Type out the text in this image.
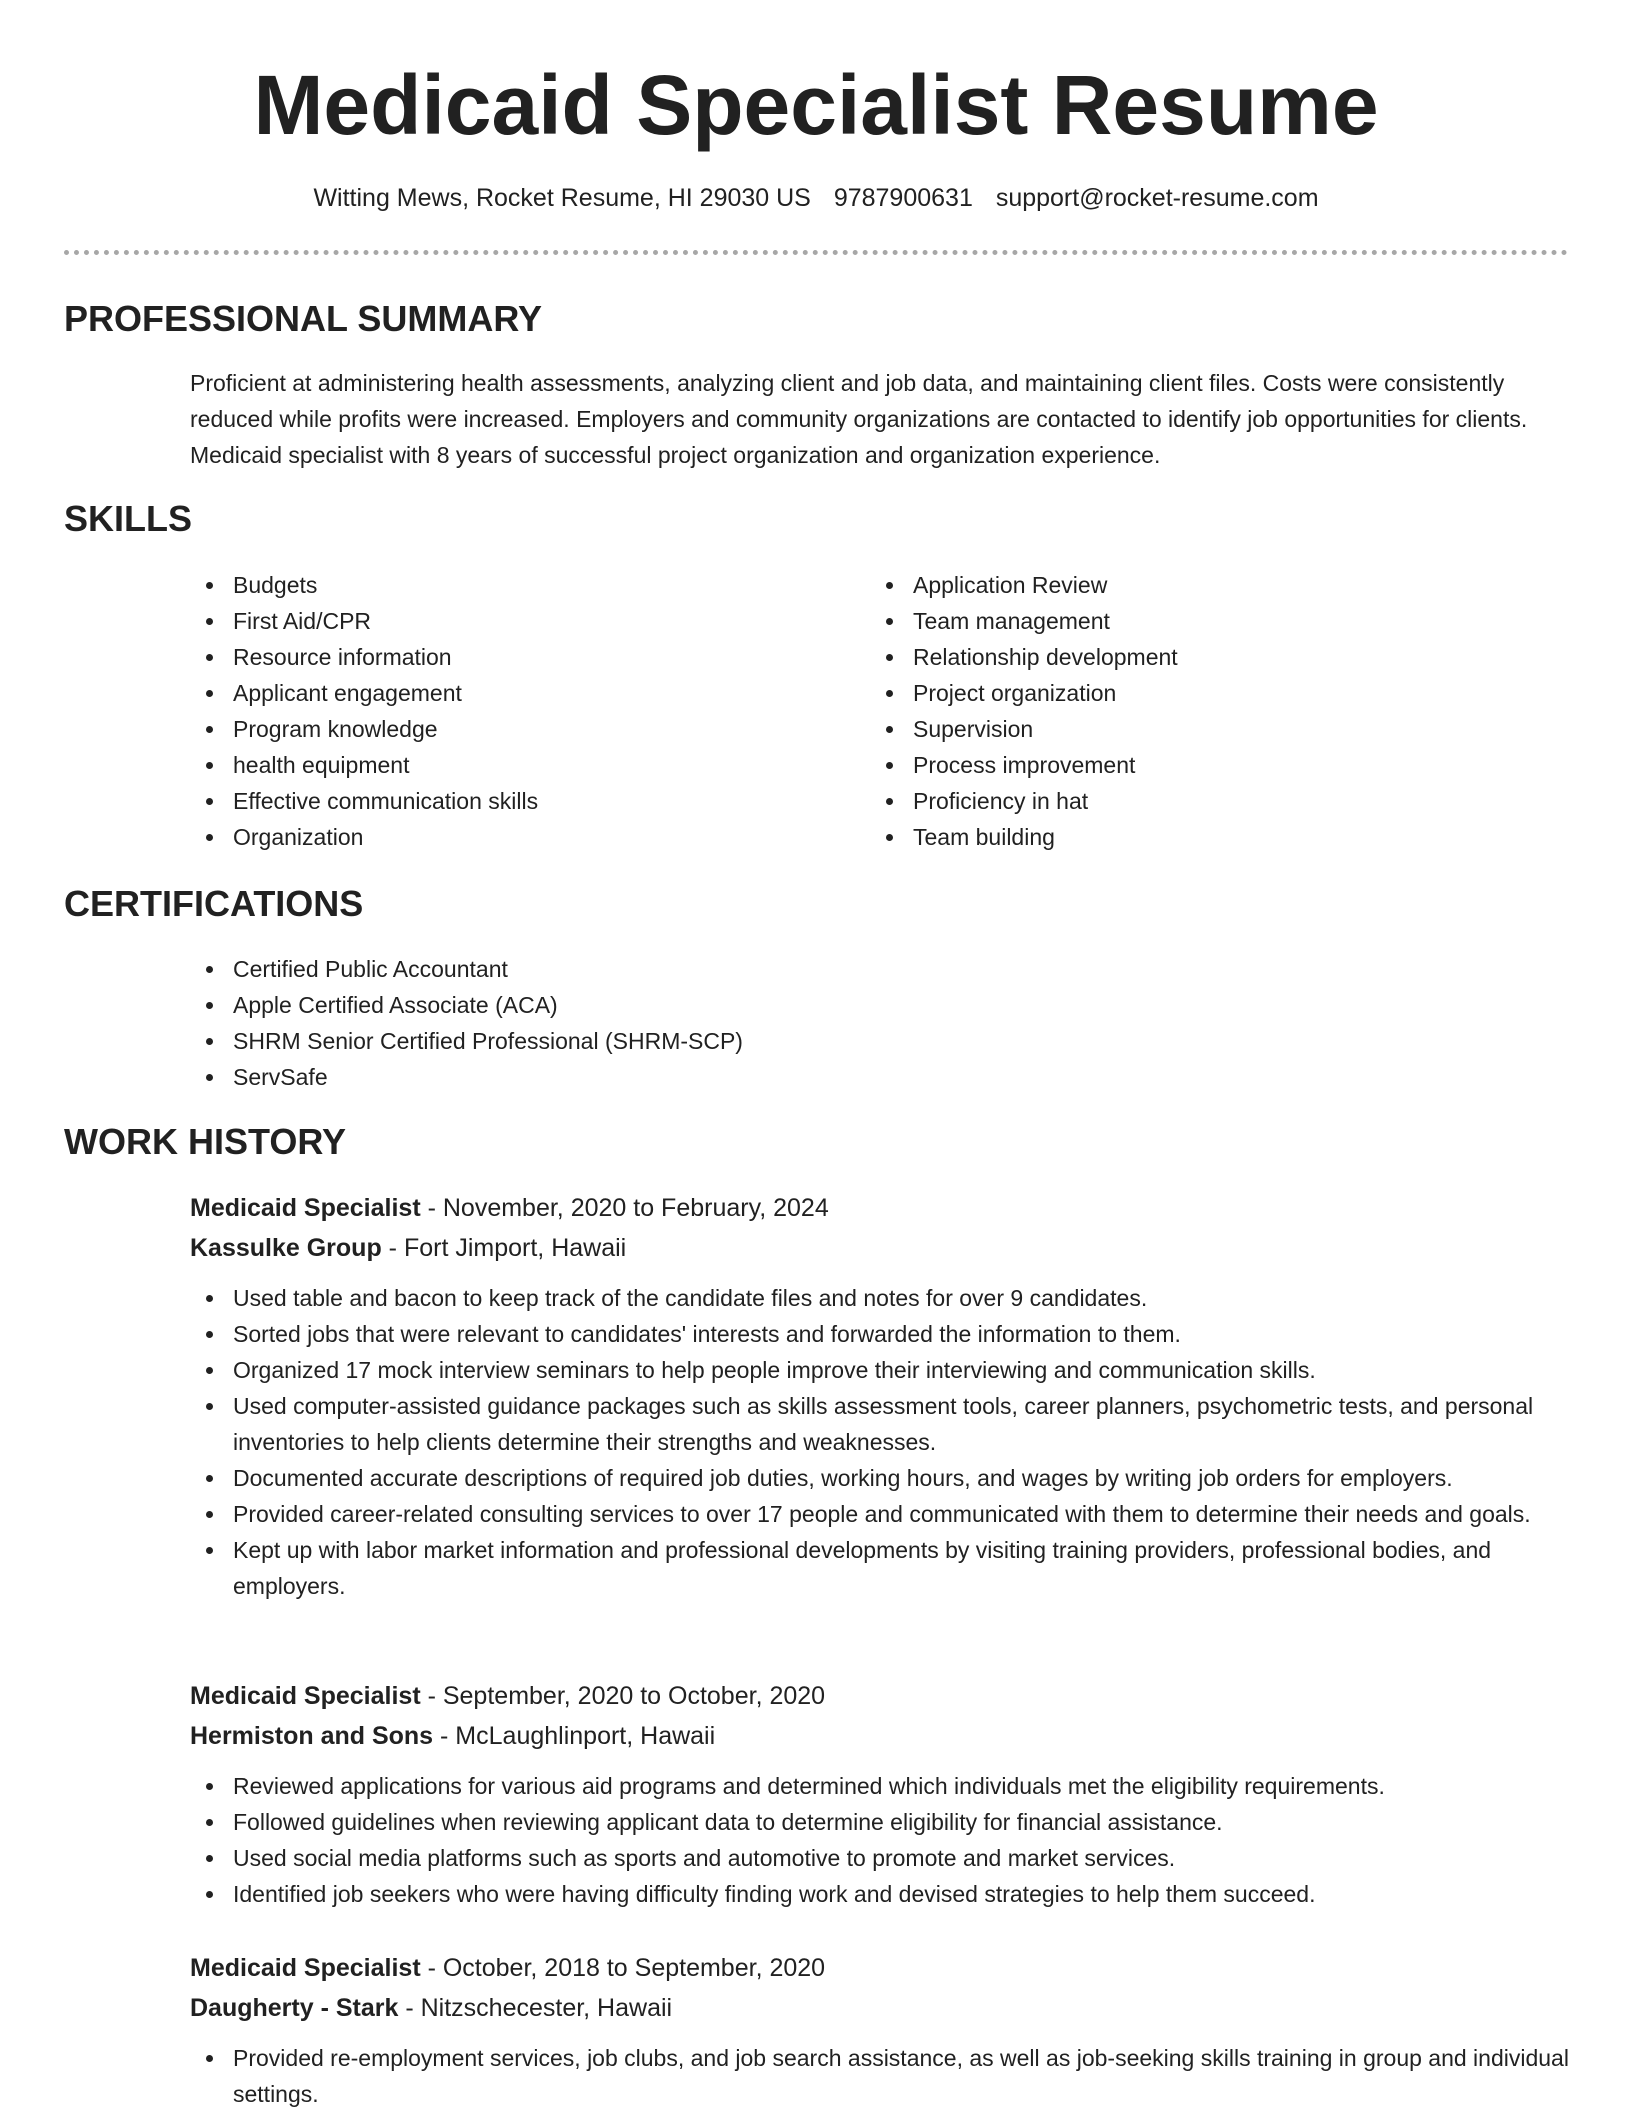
Medicaid Specialist Resume
Witting Mews, Rocket Resume, HI 29030 US 9787900631 support@rocket-resume.com
PROFESSIONAL SUMMARY

Proficient at administering health assessments, analyzing client and job data, and maintaining client files. Costs were consistently reduced while profits were increased. Employers and community organizations are contacted to identify job opportunities for clients. Medicaid specialist with 8 years of successful project organization and organization experience.

SKILLS
Budgets
First Aid/CPR
Resource information
Applicant engagement
Program knowledge
health equipment
Effective communication skills
Organization
Application Review
Team management
Relationship development
Project organization
Supervision
Process improvement
Proficiency in hat
Team building
CERTIFICATIONS
Certified Public Accountant
Apple Certified Associate (ACA)
SHRM Senior Certified Professional (SHRM-SCP)
ServSafe
WORK HISTORY
Medicaid Specialist - November, 2020 to February, 2024
Kassulke Group - Fort Jimport, Hawaii
Used table and bacon to keep track of the candidate files and notes for over 9 candidates.
Sorted jobs that were relevant to candidates' interests and forwarded the information to them.
Organized 17 mock interview seminars to help people improve their interviewing and communication skills.
Used computer-assisted guidance packages such as skills assessment tools, career planners, psychometric tests, and personal inventories to help clients determine their strengths and weaknesses.
Documented accurate descriptions of required job duties, working hours, and wages by writing job orders for employers.
Provided career-related consulting services to over 17 people and communicated with them to determine their needs and goals.
Kept up with labor market information and professional developments by visiting training providers, professional bodies, and employers.
Medicaid Specialist - September, 2020 to October, 2020
Hermiston and Sons - McLaughlinport, Hawaii
Reviewed applications for various aid programs and determined which individuals met the eligibility requirements.
Followed guidelines when reviewing applicant data to determine eligibility for financial assistance.
Used social media platforms such as sports and automotive to promote and market services.
Identified job seekers who were having difficulty finding work and devised strategies to help them succeed.
Medicaid Specialist - October, 2018 to September, 2020
Daugherty - Stark - Nitzschecester, Hawaii
Provided re-employment services, job clubs, and job search assistance, as well as job-seeking skills training in group and individual settings.
